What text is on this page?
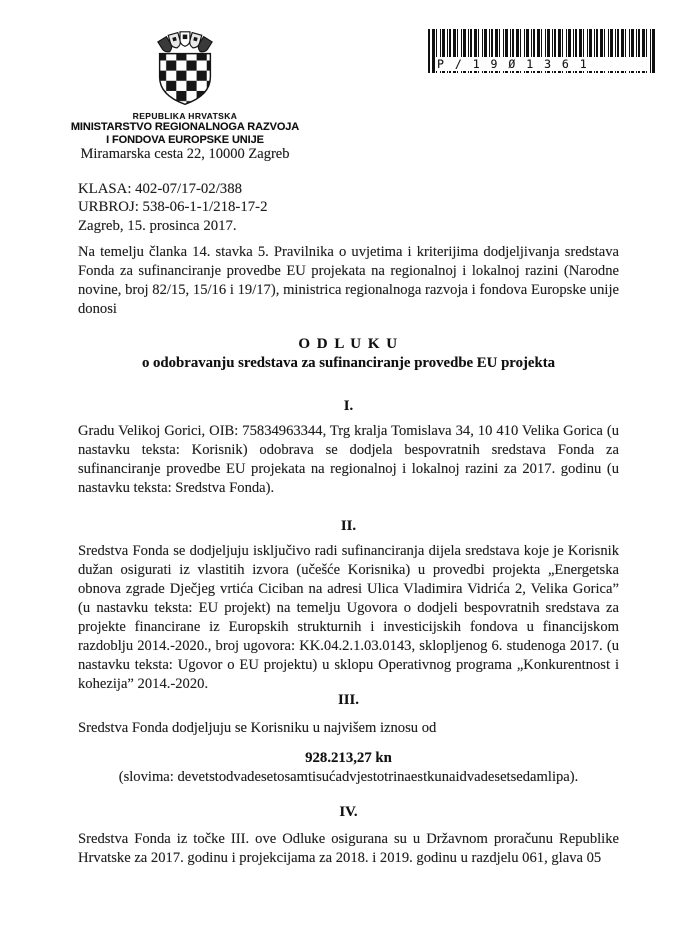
P / 1 9 Ø 1 3 6 1
REPUBLIKA HRVATSKA
MINISTARSTVO REGIONALNOGA RAZVOJA
I FONDOVA EUROPSKE UNIJE
Miramarska cesta 22, 10000 Zagreb
KLASA: 402-07/17-02/388
URBROJ: 538-06-1-1/218-17-2
Zagreb, 15. prosinca 2017.

Na temelju članka 14. stavka 5. Pravilnika o uvjetima i kriterijima dodjeljivanja sredstava Fonda za sufinanciranje provedbe EU projekata na regionalnoj i lokalnoj razini (Narodne novine, broj 82/15, 15/16 i 19/17), ministrica regionalnoga razvoja i fondova Europske unije donosi

O D L U K U
o odobravanju sredstava za sufinanciranje provedbe EU projekta
I.

Gradu Velikoj Gorici, OIB: 75834963344, Trg kralja Tomislava 34, 10 410 Velika Gorica (u nastavku teksta: Korisnik) odobrava se dodjela bespovratnih sredstava Fonda za sufinanciranje provedbe EU projekata na regionalnoj i lokalnoj razini za 2017. godinu (u nastavku teksta: Sredstva Fonda).

II.

Sredstva Fonda se dodjeljuju isključivo radi sufinanciranja dijela sredstava koje je Korisnik dužan osigurati iz vlastitih izvora (učešće Korisnika) u provedbi projekta „Energetska obnova zgrade Dječjeg vrtića Ciciban na adresi Ulica Vladimira Vidrića 2, Velika Gorica” (u nastavku teksta: EU projekt) na temelju Ugovora o dodjeli bespovratnih sredstava za projekte financirane iz Europskih strukturnih i investicijskih fondova u financijskom razdoblju 2014.-2020., broj ugovora: KK.04.2.1.03.0143, sklopljenog 6. studenoga 2017. (u nastavku teksta: Ugovor o EU projektu) u sklopu Operativnog programa „Konkurentnost i kohezija” 2014.-2020.

III.

Sredstva Fonda dodjeljuju se Korisniku u najvišem iznosu od

928.213,27 kn
(slovima: devetstodvadesetosamtisućadvjestotrinaestkunaidvadesetsedamlipa).
IV.

Sredstva Fonda iz točke III. ove Odluke osigurana su u Državnom proračunu Republike Hrvatske za 2017. godinu i projekcijama za 2018. i 2019. godinu u razdjelu 061, glava 05
